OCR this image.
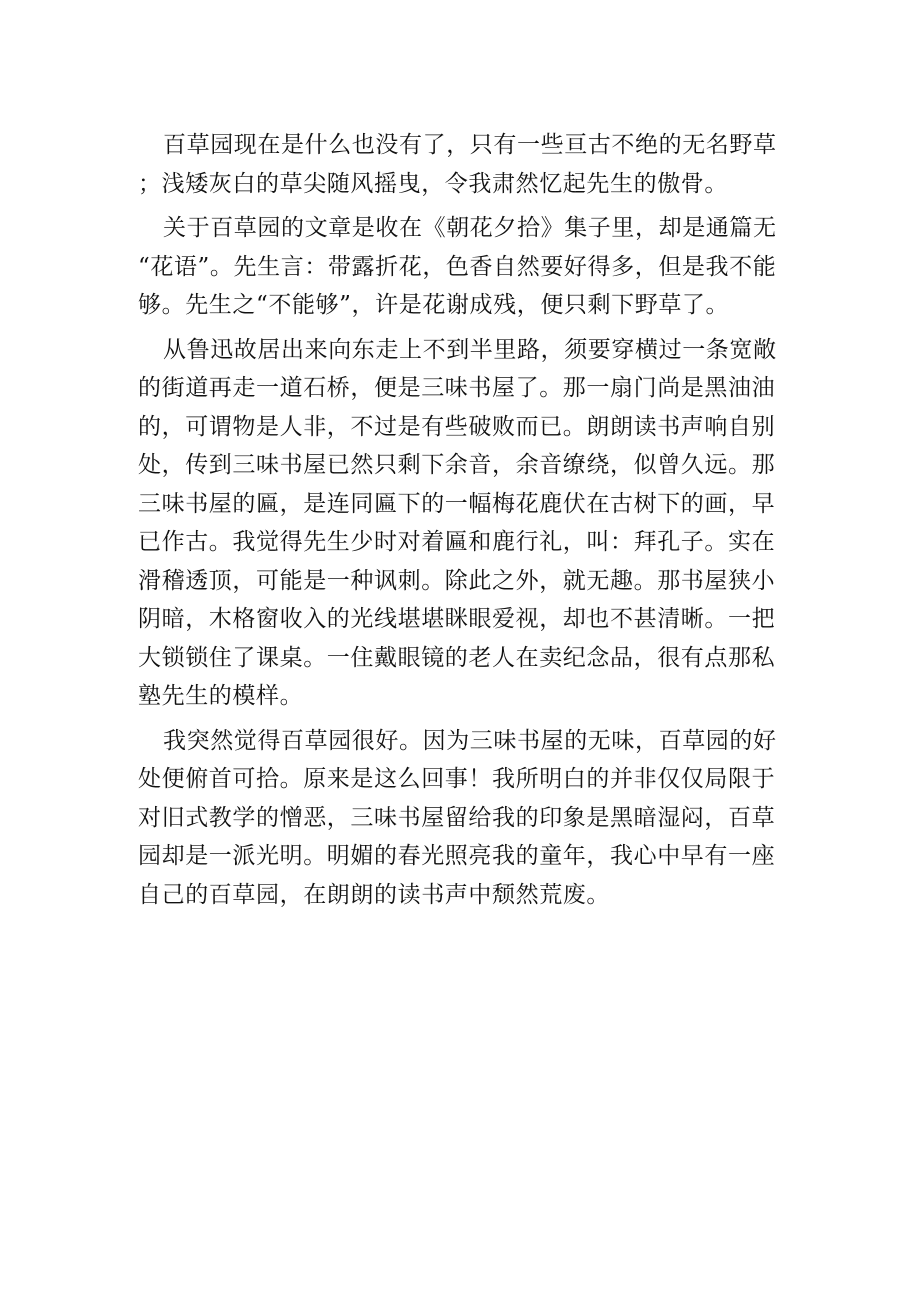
百草园现在是什么也没有了，只有一些亘古不绝的无名野草；浅矮灰白的草尖随风摇曳，令我肃然忆起先生的傲骨。

关于百草园的文章是收在《朝花夕拾》集子里，却是通篇无“花语”。先生言：带露折花，色香自然要好得多，但是我不能够。先生之“不能够”，许是花谢成残，便只剩下野草了。

从鲁迅故居出来向东走上不到半里路，须要穿横过一条宽敞的街道再走一道石桥，便是三味书屋了。那一扇门尚是黑油油的，可谓物是人非，不过是有些破败而已。朗朗读书声响自别处，传到三味书屋已然只剩下余音，余音缭绕，似曾久远。那三味书屋的匾，是连同匾下的一幅梅花鹿伏在古树下的画，早已作古。我觉得先生少时对着匾和鹿行礼，叫：拜孔子。实在滑稽透顶，可能是一种讽刺。除此之外，就无趣。那书屋狭小阴暗，木格窗收入的光线堪堪眯眼爱视，却也不甚清晰。一把大锁锁住了课桌。一住戴眼镜的老人在卖纪念品，很有点那私塾先生的模样。

我突然觉得百草园很好。因为三味书屋的无味，百草园的好处便俯首可拾。原来是这么回事！我所明白的并非仅仅局限于对旧式教学的憎恶，三味书屋留给我的印象是黑暗湿闷，百草园却是一派光明。明媚的春光照亮我的童年，我心中早有一座自己的百草园，在朗朗的读书声中颓然荒废。
